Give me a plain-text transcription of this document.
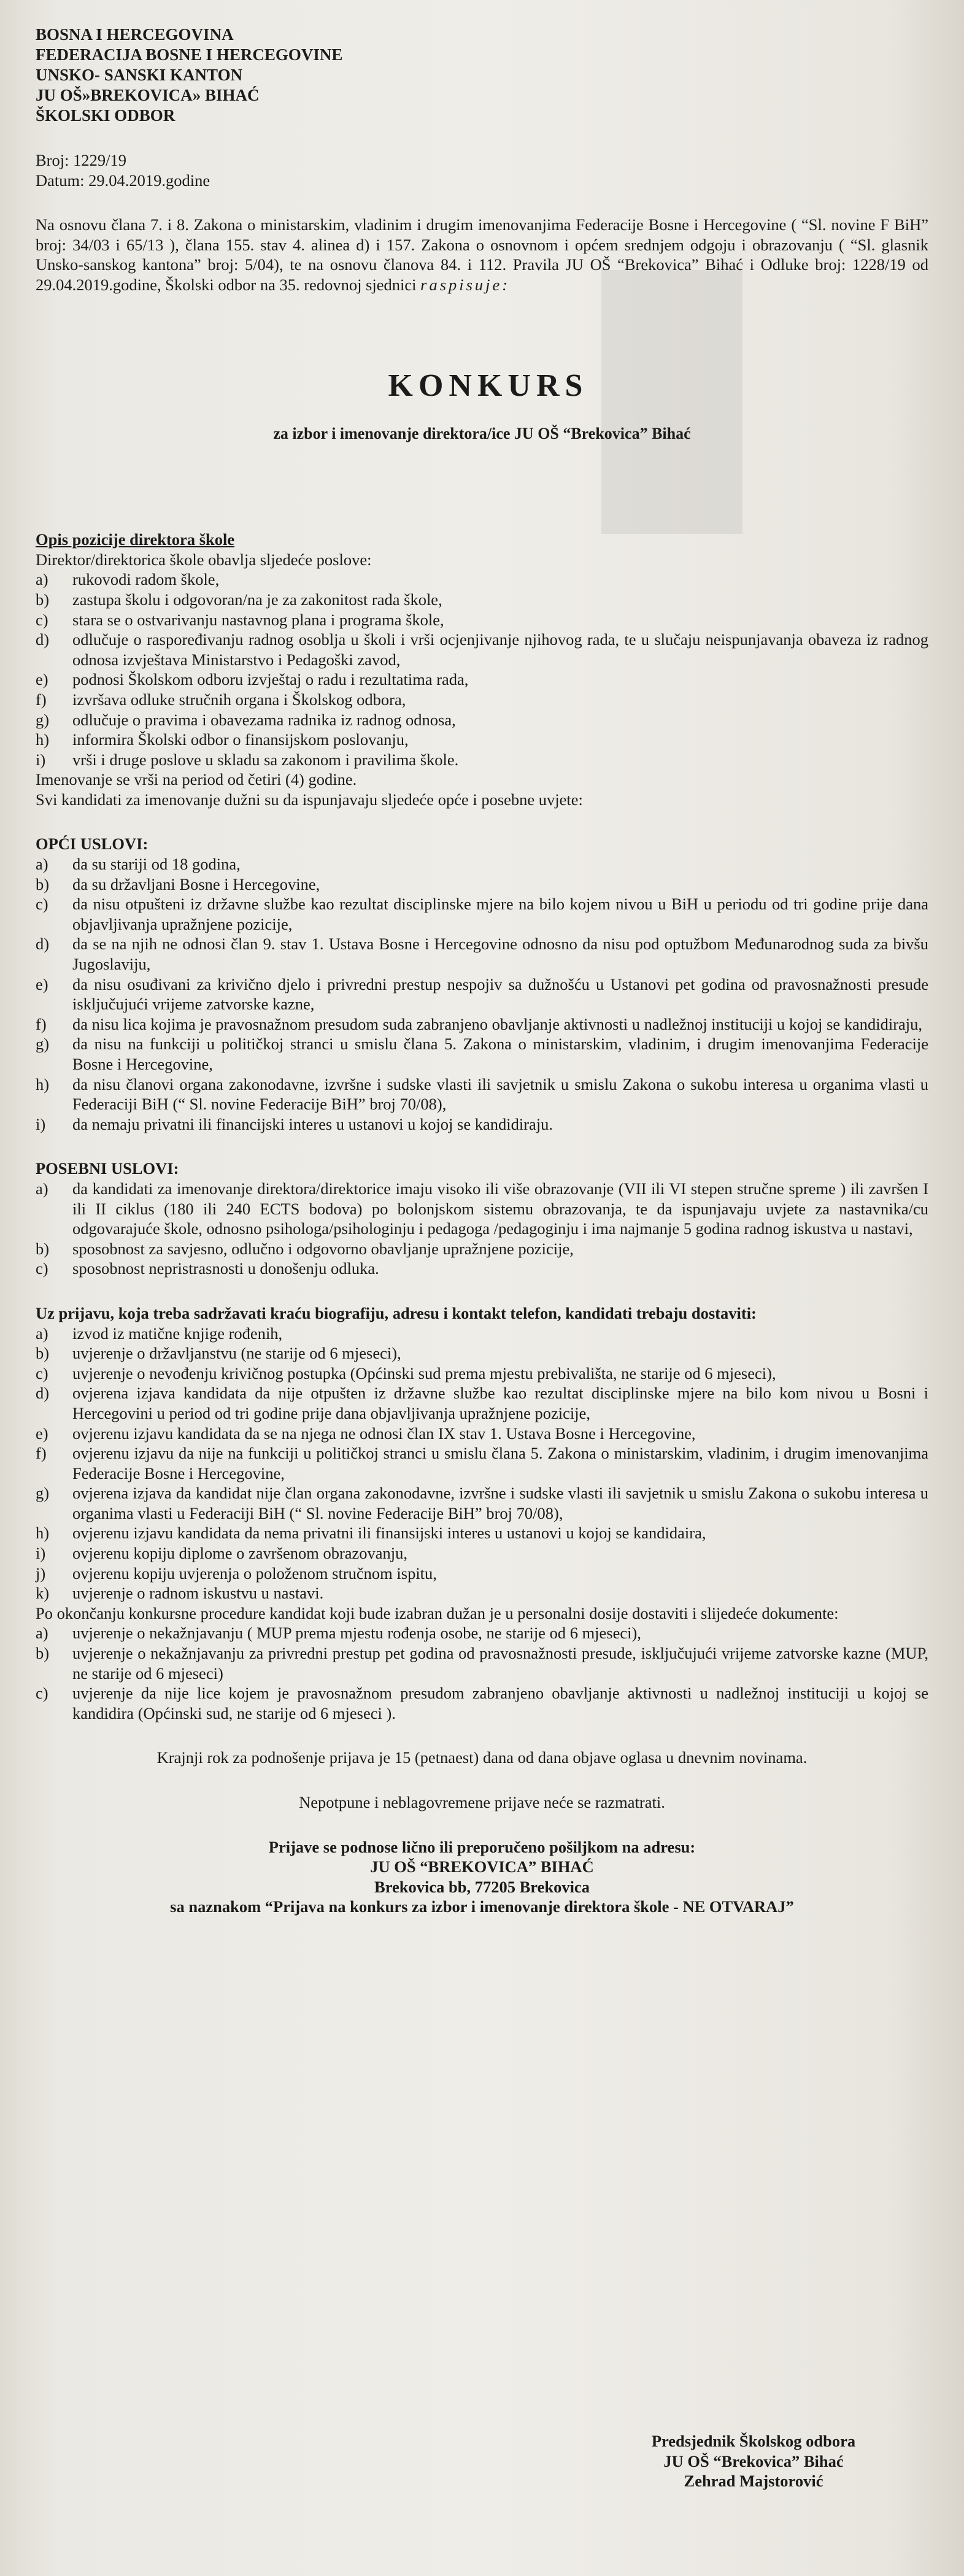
BOSNA I HERCEGOVINA
FEDERACIJA BOSNE I HERCEGOVINE
UNSKO- SANSKI KANTON
JU OŠ»BREKOVICA» BIHAĆ
ŠKOLSKI ODBOR
Broj: 1229/19
Datum: 29.04.2019.godine
Na osnovu člana 7. i 8. Zakona o ministarskim, vladinim i drugim imenovanjima Federacije Bosne i Hercegovine ( “Sl. novine F BiH” broj: 34/03 i 65/13 ), člana 155. stav 4. alinea d) i 157. Zakona o osnovnom i općem srednjem odgoju i obrazovanju ( “Sl. glasnik Unsko-sanskog kantona” broj: 5/04), te na osnovu članova 84. i 112. Pravila JU OŠ “Brekovica” Bihać i Odluke broj: 1228/19 od 29.04.2019.godine, Školski odbor na 35. redovnoj sjednici raspisuje:
KONKURS
za izbor i imenovanje direktora/ice JU OŠ “Brekovica” Bihać
Opis pozicije direktora škole
Direktor/direktorica škole obavlja sljedeće poslove:
a)	rukovodi radom škole,
b)	zastupa školu i odgovoran/na je za zakonitost rada škole,
c)	stara se o ostvarivanju nastavnog plana i programa škole,
d)	odlučuje o raspoređivanju radnog osoblja u školi i vrši ocjenjivanje njihovog rada, te u slučaju neispunjavanja obaveza iz radnog odnosa izvještava Ministarstvo i Pedagoški zavod,
e)	podnosi Školskom odboru izvještaj o radu i rezultatima rada,
f)	izvršava odluke stručnih organa i Školskog odbora,
g)	odlučuje o pravima i obavezama radnika iz radnog odnosa,
h)	informira Školski odbor o finansijskom poslovanju,
i)	vrši i druge poslove u skladu sa zakonom i pravilima škole.
Imenovanje se vrši na period od četiri (4) godine.
Svi kandidati za imenovanje dužni su da ispunjavaju sljedeće opće i posebne uvjete:
OPĆI USLOVI:
a)	da su stariji od 18 godina,
b)	da su državljani Bosne i Hercegovine,
c)	da nisu otpušteni iz državne službe kao rezultat disciplinske mjere na bilo kojem nivou u BiH u periodu od tri godine prije dana objavljivanja upražnjene pozicije,
d)	da se na njih ne odnosi član 9. stav 1. Ustava Bosne i Hercegovine odnosno da nisu pod optužbom Međunarodnog suda za bivšu Jugoslaviju,
e)	da nisu osuđivani za krivično djelo i privredni prestup nespojiv sa dužnošću u Ustanovi pet godina od pravosnažnosti presude isključujući vrijeme zatvorske kazne,
f)	da nisu lica kojima je pravosnažnom presudom suda zabranjeno obavljanje aktivnosti u nadležnoj instituciji u kojoj se kandidiraju,
g)	da nisu na funkciji u političkoj stranci u smislu člana 5. Zakona o ministarskim, vladinim, i drugim imenovanjima Federacije Bosne i Hercegovine,
h)	da nisu članovi organa zakonodavne, izvršne i sudske vlasti ili savjetnik u smislu Zakona o sukobu interesa u organima vlasti u Federaciji BiH (“ Sl. novine Federacije BiH” broj 70/08),
i)	da nemaju privatni ili financijski interes u ustanovi u kojoj se kandidiraju.
POSEBNI USLOVI:
a)	da kandidati za imenovanje direktora/direktorice imaju visoko ili više obrazovanje (VII ili VI stepen stručne spreme ) ili završen I ili II ciklus (180 ili 240 ECTS bodova) po bolonjskom sistemu obrazovanja, te da ispunjavaju uvjete za nastavnika/cu odgovarajuće škole, odnosno psihologa/psihologinju i pedagoga /pedagoginju i ima najmanje 5 godina radnog iskustva u nastavi,
b)	sposobnost za savjesno, odlučno i odgovorno obavljanje upražnjene pozicije,
c)	sposobnost nepristrasnosti u donošenju odluka.
Uz prijavu, koja treba sadržavati kraću biografiju, adresu i kontakt telefon, kandidati trebaju dostaviti:
a)	izvod iz matične knjige rođenih,
b)	uvjerenje o državljanstvu (ne starije od 6 mjeseci),
c)	uvjerenje o nevođenju krivičnog postupka (Općinski sud prema mjestu prebivališta, ne starije od 6 mjeseci),
d)	ovjerena izjava kandidata da nije otpušten iz državne službe kao rezultat disciplinske mjere na bilo kom nivou u Bosni i Hercegovini u period od tri godine prije dana objavljivanja upražnjene pozicije,
e)	ovjerenu izjavu kandidata da se na njega ne odnosi član IX stav 1. Ustava Bosne i Hercegovine,
f)	ovjerenu izjavu da nije na funkciji u političkoj stranci u smislu člana 5. Zakona o ministarskim, vladinim, i drugim imenovanjima Federacije Bosne i Hercegovine,
g)	ovjerena izjava da kandidat nije član organa zakonodavne, izvršne i sudske vlasti ili savjetnik u smislu Zakona o sukobu interesa u organima vlasti u Federaciji BiH (“ Sl. novine Federacije BiH” broj 70/08),
h)	ovjerenu izjavu kandidata da nema privatni ili finansijski interes u ustanovi u kojoj se kandidaira,
i)	ovjerenu kopiju diplome o završenom obrazovanju,
j)	ovjerenu kopiju uvjerenja o položenom stručnom ispitu,
k)	uvjerenje o radnom iskustvu u nastavi.
Po okončanju konkursne procedure kandidat koji bude izabran dužan je u personalni dosije dostaviti i slijedeće dokumente:
a)	uvjerenje o nekažnjavanju ( MUP prema mjestu rođenja osobe, ne starije od 6 mjeseci),
b)	uvjerenje o nekažnjavanju za privredni prestup pet godina od pravosnažnosti presude, isključujući vrijeme zatvorske kazne (MUP, ne starije od 6 mjeseci)
c)	uvjerenje da nije lice kojem je pravosnažnom presudom zabranjeno obavljanje aktivnosti u nadležnoj instituciji u kojoj se kandidira (Općinski sud, ne starije od 6 mjeseci ).
Krajnji rok za podnošenje prijava je 15 (petnaest) dana od dana objave oglasa u dnevnim novinama.
Nepotpune i neblagovremene prijave neće se razmatrati.
Prijave se podnose lično ili preporučeno pošiljkom na adresu:
JU OŠ “BREKOVICA” BIHAĆ
Brekovica bb, 77205 Brekovica
sa naznakom “Prijava na konkurs za izbor i imenovanje direktora škole - NE OTVARAJ”
Predsjednik Školskog odbora
JU OŠ “Brekovica” Bihać
Zehrad Majstorović
